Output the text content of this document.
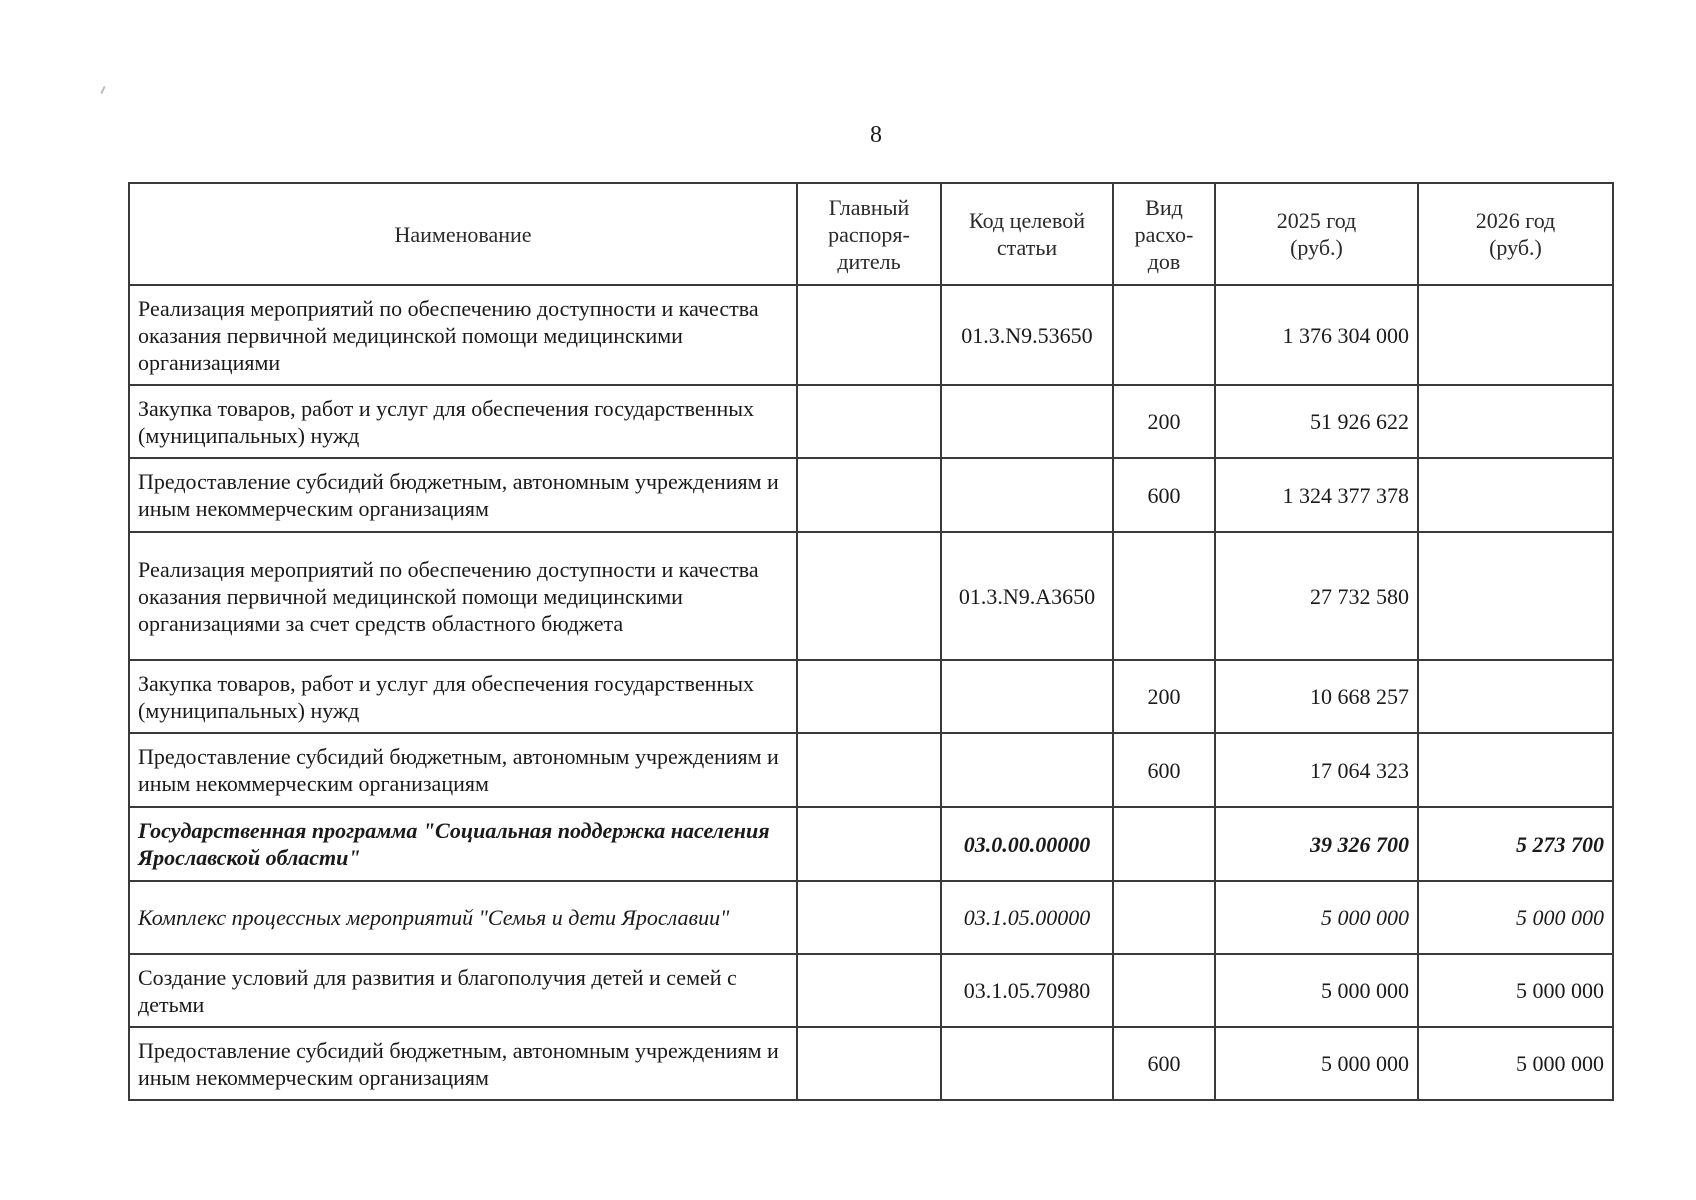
8
Наименование	Главный
распоря-
дитель	Код целевой
статьи	Вид
расхо-
дов	2025 год
(руб.)	2026 год
(руб.)
Реализация мероприятий по обеспечению доступности и качества оказания первичной медицинской помощи медицинскими организациями		01.3.N9.53650		1 376 304 000	
Закупка товаров, работ и услуг для обеспечения государственных (муниципальных) нужд			200	51 926 622	
Предоставление субсидий бюджетным, автономным учреждениям и иным некоммерческим организациям			600	1 324 377 378	
Реализация мероприятий по обеспечению доступности и качества оказания первичной медицинской помощи медицинскими организациями за счет средств областного бюджета		01.3.N9.A3650		27 732 580	
Закупка товаров, работ и услуг для обеспечения государственных (муниципальных) нужд			200	10 668 257	
Предоставление субсидий бюджетным, автономным учреждениям и иным некоммерческим организациям			600	17 064 323	
Государственная программа "Социальная поддержка населения Ярославской области"		03.0.00.00000		39 326 700	5 273 700
Комплекс процессных мероприятий "Семья и дети Ярославии"		03.1.05.00000		5 000 000	5 000 000
Создание условий для развития и благополучия детей и семей с детьми		03.1.05.70980		5 000 000	5 000 000
Предоставление субсидий бюджетным, автономным учреждениям и иным некоммерческим организациям			600	5 000 000	5 000 000
